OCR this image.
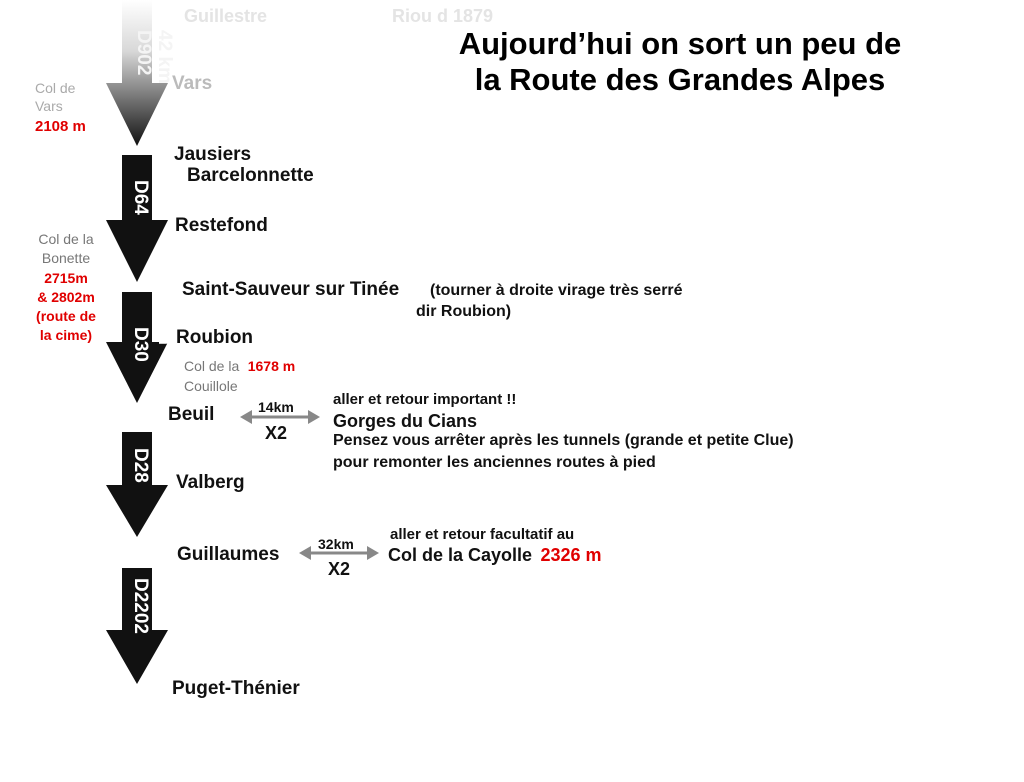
Guillestre	Riou d 1879
Aujourd’hui on sort un peu de
la Route des Grandes Alpes
42 km
D902
76 km
D64
24 km
D30
20 km
D28
32 km
D2202
Vars
Jausiers
Barcelonnette
Restefond
Saint-Sauveur sur Tinée
Roubion
Beuil
Valberg
Guillaumes
Puget-Thénier
Col de
Vars
2108 m
Col de la
Bonette
2715m
& 2802m
(route de
la cime)
Col de la 1678 m
Couillole
(tourner à droite virage très serré
dir Roubion)
14km
X2
aller et retour important !!
Gorges du Cians
Pensez vous arrêter après les tunnels (grande et petite Clue)
pour remonter les anciennes routes à pied
32km
X2
aller et retour facultatif au
Col de la Cayolle 2326 m
